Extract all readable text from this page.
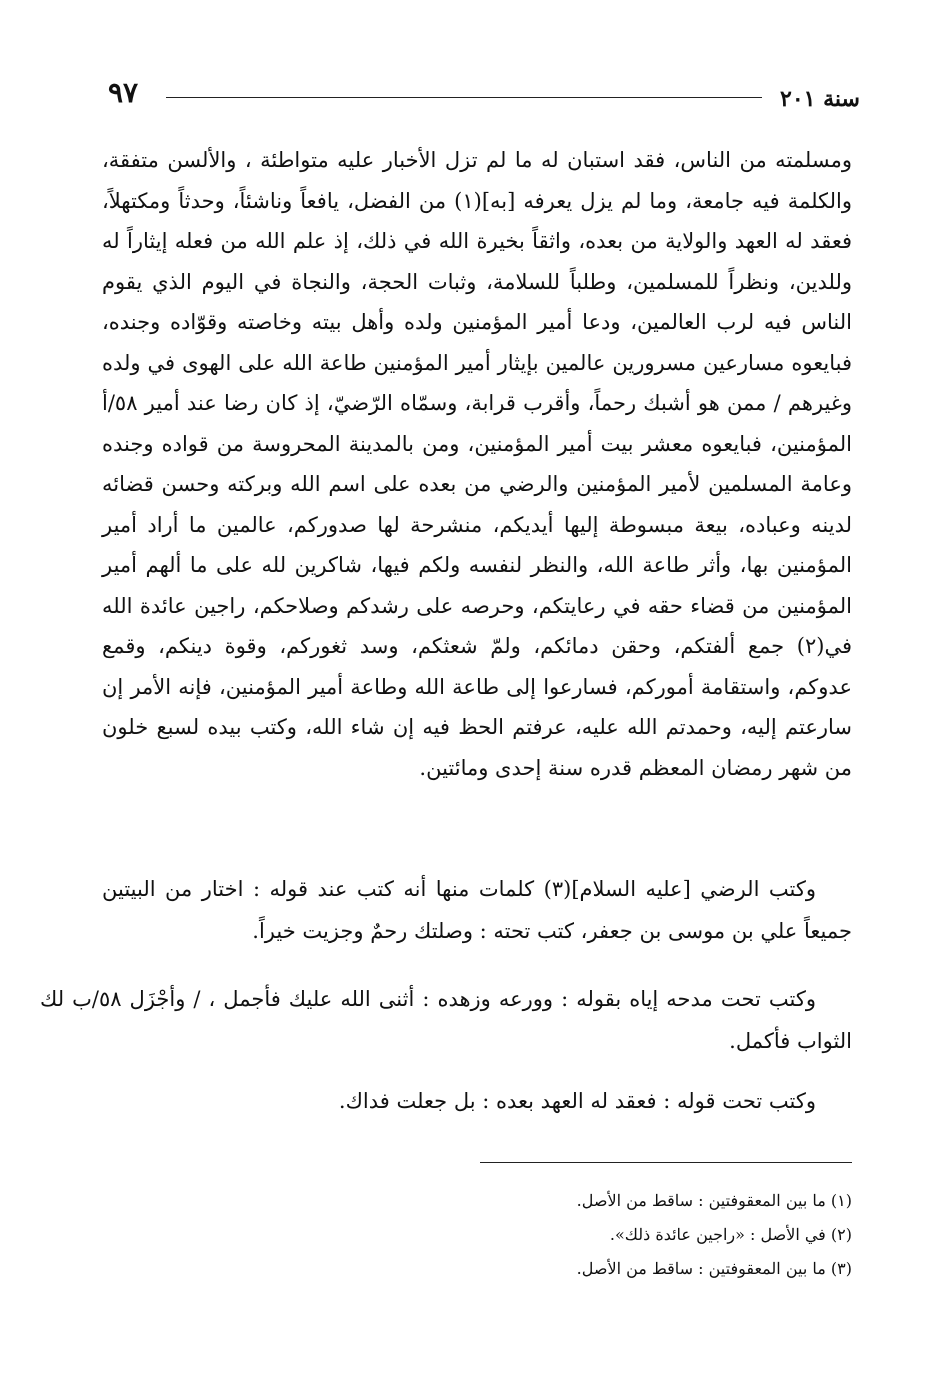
٩٧	سنة ٢٠١

ومسلمته من الناس، فقد استبان له ما لم تزل الأخبار عليه متواطئة ، والألسن متفقة، والكلمة فيه جامعة، وما لم يزل يعرفه [به](١) من الفضل، يافعاً وناشئاً، وحدثاً ومكتهلاً، فعقد له العهد والولاية من بعده، واثقاً بخيرة الله في ذلك، إذ علم الله من فعله إيثاراً له وللدين، ونظراً للمسلمين، وطلباً للسلامة، وثبات الحجة، والنجاة في اليوم الذي يقوم الناس فيه لرب العالمين، ودعا أمير المؤمنين ولده وأهل بيته وخاصته وقوّاده وجنده، فبايعوه مسارعين مسرورين عالمين بإيثار أمير المؤمنين طاعة الله على الهوى في ولده وغيرهم / ممن هو أشبك رحماً، وأقرب قرابة، وسمّاه الرّضيّ، إذ كان رضا عند أمير ٥٨/أ المؤمنين، فبايعوه معشر بيت أمير المؤمنين، ومن بالمدينة المحروسة من قواده وجنده وعامة المسلمين لأمير المؤمنين والرضي من بعده على اسم الله وبركته وحسن قضائه لدينه وعباده، بيعة مبسوطة إليها أيديكم، منشرحة لها صدوركم، عالمين ما أراد أمير المؤمنين بها، وأثر طاعة الله، والنظر لنفسه ولكم فيها، شاكرين لله على ما ألهم أمير المؤمنين من قضاء حقه في رعايتكم، وحرصه على رشدكم وصلاحكم، راجين عائدة الله في(٢) جمع ألفتكم، وحقن دمائكم، ولمّ شعثكم، وسد ثغوركم، وقوة دينكم، وقمع عدوكم، واستقامة أموركم، فسارعوا إلى طاعة الله وطاعة أمير المؤمنين، فإنه الأمر إن سارعتم إليه، وحمدتم الله عليه، عرفتم الحظ فيه إن شاء الله، وكتب بيده لسبع خلون من شهر رمضان المعظم قدره سنة إحدى ومائتين.

وكتب الرضي [عليه السلام](٣) كلمات منها أنه كتب عند قوله : اختار من البيتين جميعاً علي بن موسى بن جعفر، كتب تحته : وصلتك رحمٌ وجزيت خيراً.

وكتب تحت مدحه إياه بقوله : وورعه وزهده : أثنى الله عليك فأجمل ، / وأجْزَل ٥٨/ب لك الثواب فأكمل.

وكتب تحت قوله : فعقد له العهد بعده : بل جعلت فداك.

(١) ما بين المعقوفتين : ساقط من الأصل.
(٢) في الأصل : «راجين عائدة ذلك».
(٣) ما بين المعقوفتين : ساقط من الأصل.
